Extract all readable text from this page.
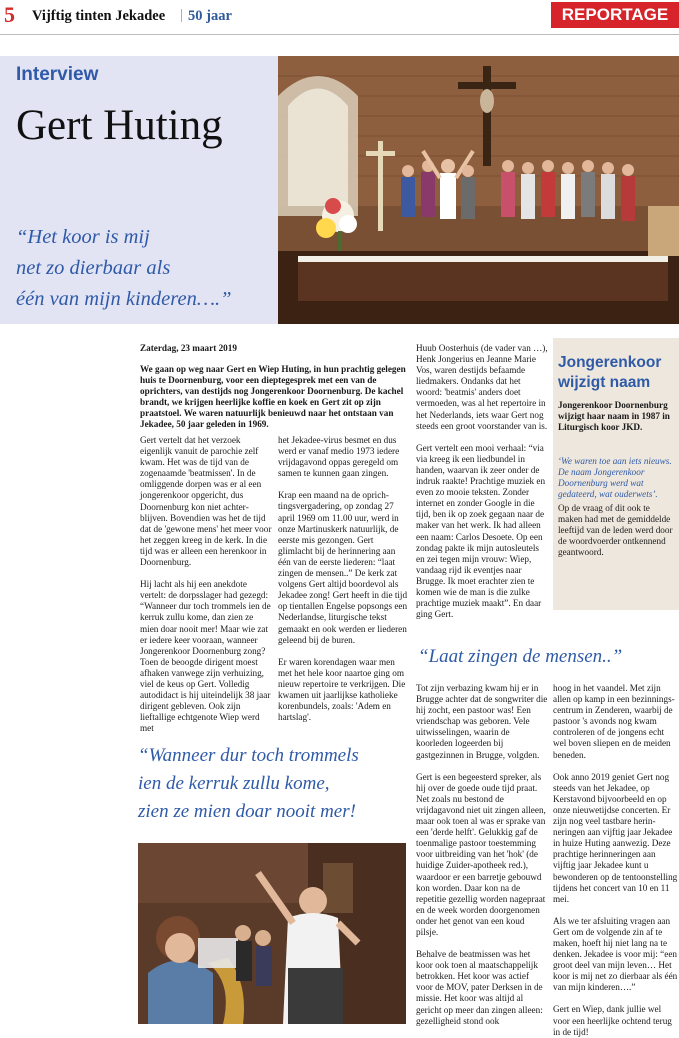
5 Vijftig tinten Jekadee | 50 jaar	REPORTAGE
Interview
Gert Huting
“Het koor is mij
net zo dierbaar als
één van mijn kinderen….”

Zaterdag, 23 maart 2019

We gaan op weg naar Gert en Wiep Huting, in hun prachtig gelegen huis te Doornenburg, voor een dieptegesprek met een van de oprichters, van destijds nog Jongerenkoor Doornenburg. De kachel brandt, we krijgen heerlijke koffie en koek en Gert zit op zijn praatstoel. We waren natuurlijk benieuwd naar het ontstaan van Jekadee, 50 jaar geleden in 1969.

Gert vertelt dat het verzoek eigenlijk vanuit de parochie zelf kwam. Het was de tijd van de zogenaamde 'beatmissen'. In de omliggende dorpen was er al een jongerenkoor opgericht, dus Doornenburg kon niet achterblijven. Bovendien was het de tijd dat de 'gewone mens' het meer voor het zeggen kreeg in de kerk. In die tijd was er alleen een herenkoor in Doornenburg.

Hij lacht als hij een anekdote vertelt: de dorpsslager had gezegd: “Wanneer dur toch trommels ien de kerruk zullu kome, dan zien ze mien doar nooit mer! Maar wie zat er iedere keer vooraan, wanneer Jongerenkoor Doornenburg zong?

Toen de beoogde dirigent moest afhaken vanwege zijn verhuizing, viel de keus op Gert. Volledig autodidact is hij uiteindelijk 38 jaar dirigent gebleven. Ook zijn lieftallige echtgenote Wiep werd met

het Jekadee-virus besmet en dus werd er vanaf medio 1973 iedere vrijdagavond oppas geregeld om samen te kunnen gaan zingen.

Krap een maand na de oprichtingsvergadering, op zondag 27 april 1969 om 11.00 uur, werd in onze Martinuskerk natuurlijk, de eerste mis gezongen. Gert glimlacht bij de herinnering aan één van de eerste liederen: “laat zingen de mensen..” De kerk zat volgens Gert altijd boordevol als Jekadee zong! Gert heeft in die tijd op tientallen Engelse popsongs een Nederlandse, liturgische tekst gemaakt en ook werden er liederen geleend bij de buren.

Er waren korendagen waar men met het hele koor naartoe ging om nieuw repertoire te verkrijgen. Die kwamen uit jaarlijkse katholieke korenbundels, zoals: 'Adem en hartslag'.

Huub Oosterhuis (de vader van …), Henk Jongerius en Jeanne Marie Vos, waren destijds befaamde liedmakers. Ondanks dat het woord: 'beatmis' anders doet vermoeden, was al het repertoire in het Nederlands, iets waar Gert nog steeds een groot voorstander van is.

Gert vertelt een mooi verhaal: “via via kreeg ik een liedbundel in handen, waarvan ik zeer onder de indruk raakte! Prachtige muziek en even zo mooie teksten. Zonder internet en zonder Google in die tijd, ben ik op zoek gegaan naar de maker van het werk. Ik had alleen een naam: Carlos Desoete. Op een zondag pakte ik mijn autosleutels en zei tegen mijn vrouw: Wiep, vandaag rijd ik eventjes naar Brugge. Ik moet erachter zien te komen wie de man is die zulke prachtige muziek maakt”. En daar ging Gert.

Jongerenkoor
wijzigt naam
Jongerenkoor Doornenburg wijzigt haar naam in 1987 in Liturgisch koor JKD.
‘We waren toe aan iets nieuws. De naam Jongerenkoor Doornenburg werd wat gedateerd, wat ouderwets’.
Op de vraag of dit ook te maken had met de gemiddelde leeftijd van de leden werd door de woordvoerder ontkennend geantwoord.
“Laat zingen de mensen..”
“Wanneer dur toch trommels
ien de kerruk zullu kome,
zien ze mien doar nooit mer!

Tot zijn verbazing kwam hij er in Brugge achter dat de songwriter die hij zocht, een pastoor was! Een vriendschap was geboren. Vele uitwisselingen, waarin de koorleden logeerden bij gastgezinnen in Brugge, volgden.

Gert is een begeesterd spreker, als hij over de goede oude tijd praat. Net zoals nu bestond de vrijdagavond niet uit zingen alleen, maar ook toen al was er sprake van een 'derde helft'. Gelukkig gaf de toenmalige pastoor toestemming voor uitbreiding van het 'hok' (de huidige Zuider-apotheek red.), waardoor er een barretje gebouwd kon worden. Daar kon na de repetitie gezellig worden nagepraat en de week worden doorgenomen onder het genot van een koud pilsje.

Behalve de beatmissen was het koor ook toen al maatschappelijk betrokken. Het koor was actief voor de MOV, pater Derksen in de missie. Het koor was altijd al gericht op meer dan zingen alleen: gezelligheid stond ook

hoog in het vaandel. Met zijn allen op kamp in een bezinningscentrum in Zenderen, waarbij de pastoor 's avonds nog kwam controleren of de jongens echt wel boven sliepen en de meiden beneden.

Ook anno 2019 geniet Gert nog steeds van het Jekadee, op Kerstavond bijvoorbeeld en op onze nieuwetijdse concerten. Er zijn nog veel tastbare herinneringen aan vijftig jaar Jekadee in huize Huting aanwezig. Deze prachtige herinneringen aan vijftig jaar Jekadee kunt u bewonderen op de tentoonstelling tijdens het concert van 10 en 11 mei.

Als we ter afsluiting vragen aan Gert om de volgende zin af te maken, hoeft hij niet lang na te denken. Jekadee is voor mij: “een groot deel van mijn leven… Het koor is mij net zo dierbaar als één van mijn kinderen….”

Gert en Wiep, dank jullie wel voor een heerlijke ochtend terug in de tijd!
